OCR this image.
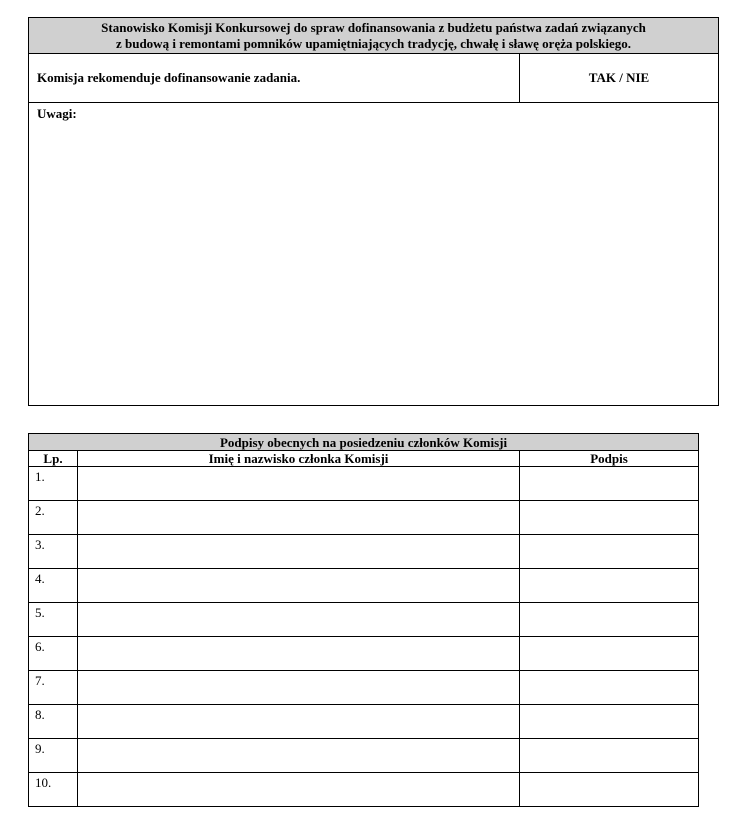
Stanowisko Komisji Konkursowej do spraw dofinansowania z budżetu państwa zadań związanych
z budową i remontami pomników upamiętniających tradycję, chwałę i sławę oręża polskiego.

Komisja rekomenduje dofinansowanie zadania.	TAK / NIE
Uwagi:
Podpisy obecnych na posiedzeniu członków Komisji		
Lp.	Imię i nazwisko członka Komisji	Podpis
1.		
2.		
3.		
4.		
5.		
6.		
7.		
8.		
9.		
10.		
